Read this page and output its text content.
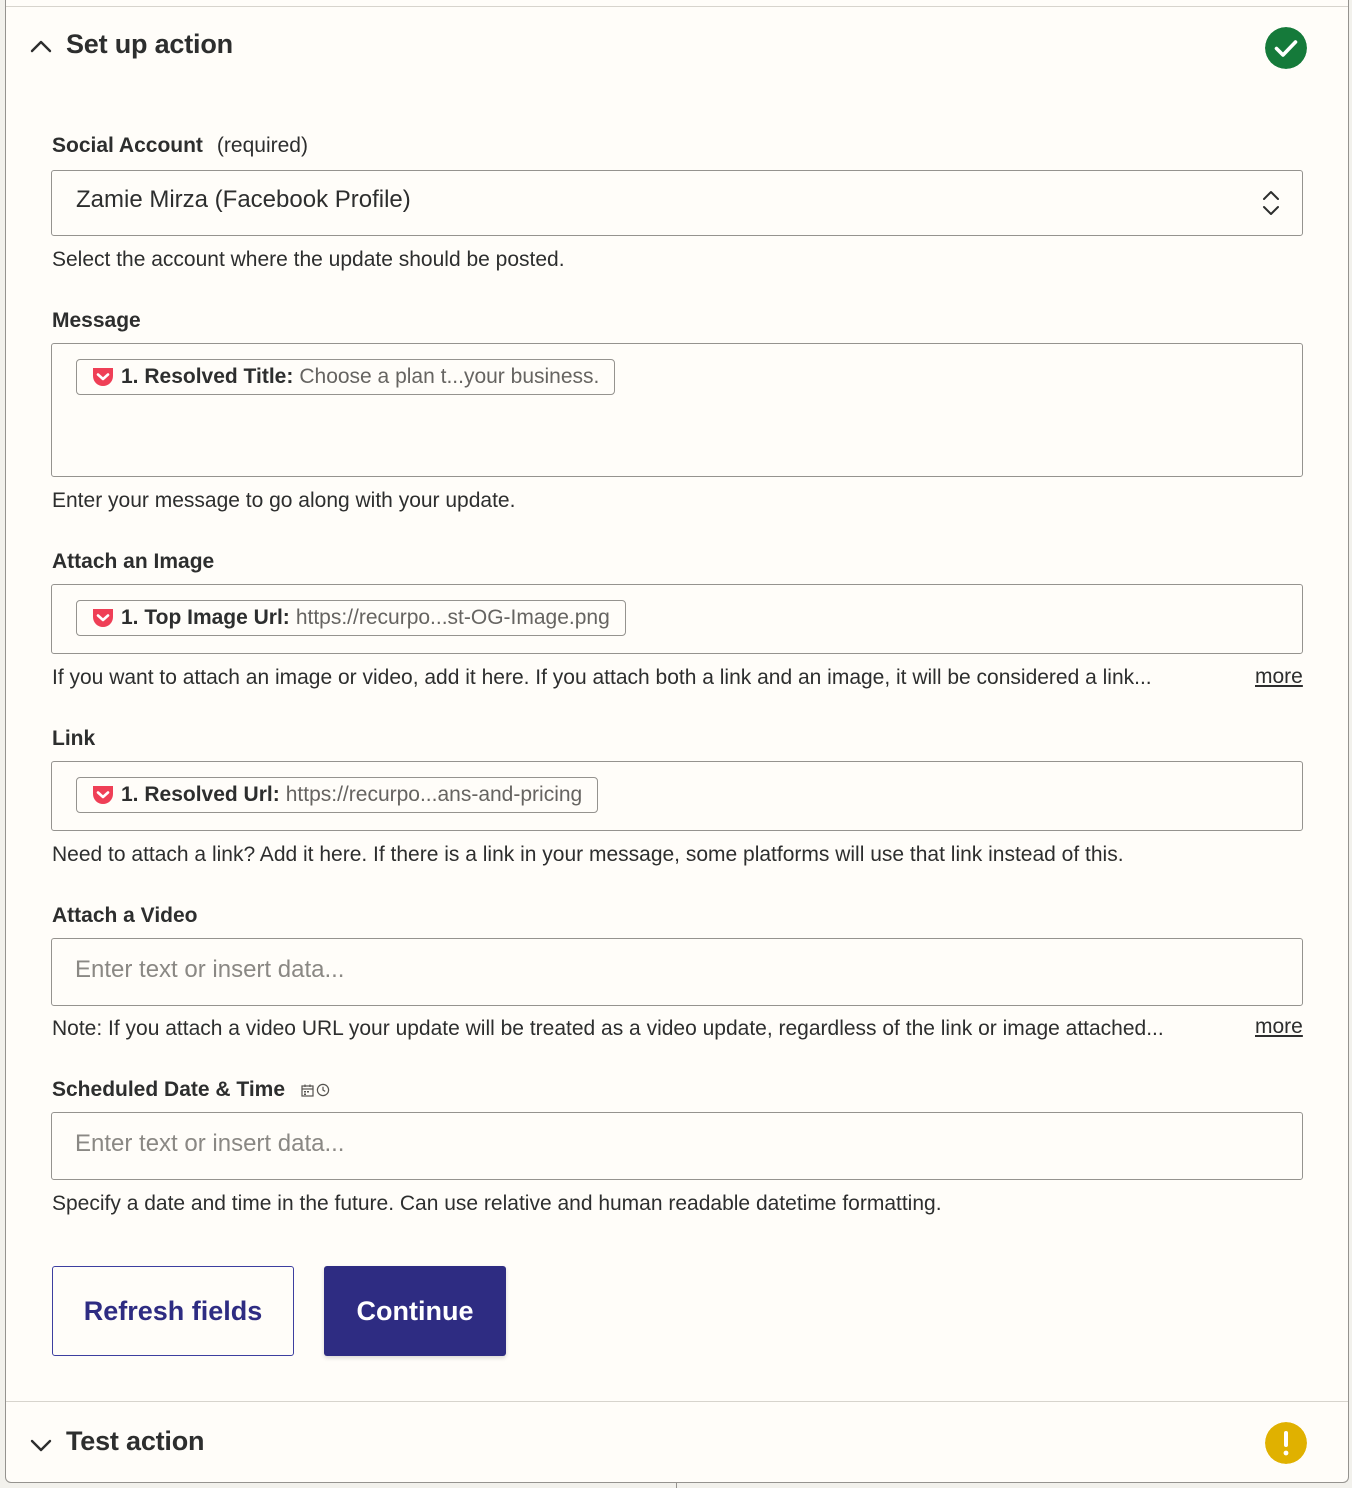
Set up action
Social Account (required)
Zamie Mirza (Facebook Profile)
Select the account where the update should be posted.
Message
1. Resolved Title: Choose a plan t...your business.
Enter your message to go along with your update.
Attach an Image
1. Top Image Url: https://recurpo...st-OG-Image.png
If you want to attach an image or video, add it here. If you attach both a link and an image, it will be considered a link...	more
Link
1. Resolved Url: https://recurpo...ans-and-pricing
Need to attach a link? Add it here. If there is a link in your message, some platforms will use that link instead of this.
Attach a Video
Enter text or insert data...
Note: If you attach a video URL your update will be treated as a video update, regardless of the link or image attached...	more
Scheduled Date & Time
Enter text or insert data...
Specify a date and time in the future. Can use relative and human readable datetime formatting.
Refresh fields	Continue
Test action
